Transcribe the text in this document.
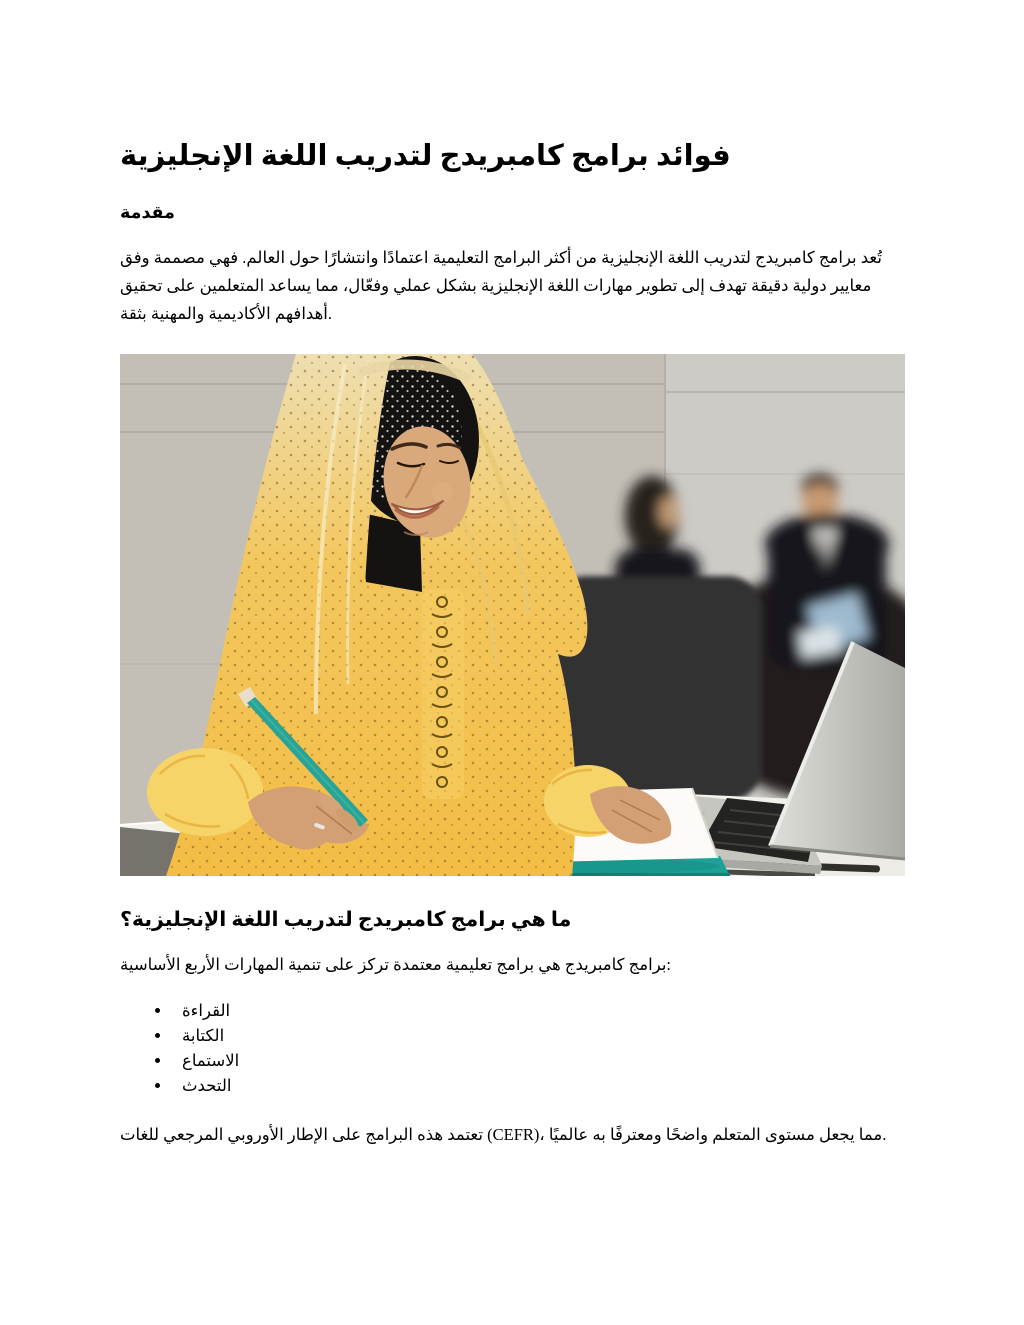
فوائد برامج كامبريدج لتدريب اللغة الإنجليزية
مقدمة

تُعد برامج كامبريدج لتدريب اللغة الإنجليزية من أكثر البرامج التعليمية اعتمادًا وانتشارًا حول العالم. فهي مصممة وفق معايير دولية دقيقة تهدف إلى تطوير مهارات اللغة الإنجليزية بشكل عملي وفعّال، مما يساعد المتعلمين على تحقيق أهدافهم الأكاديمية والمهنية بثقة.

ما هي برامج كامبريدج لتدريب اللغة الإنجليزية؟

برامج كامبريدج هي برامج تعليمية معتمدة تركز على تنمية المهارات الأربع الأساسية:

• القراءة
• الكتابة
• الاستماع
• التحدث

تعتمد هذه البرامج على الإطار الأوروبي المرجعي للغات (CEFR)، مما يجعل مستوى المتعلم واضحًا ومعترفًا به عالميًا.
